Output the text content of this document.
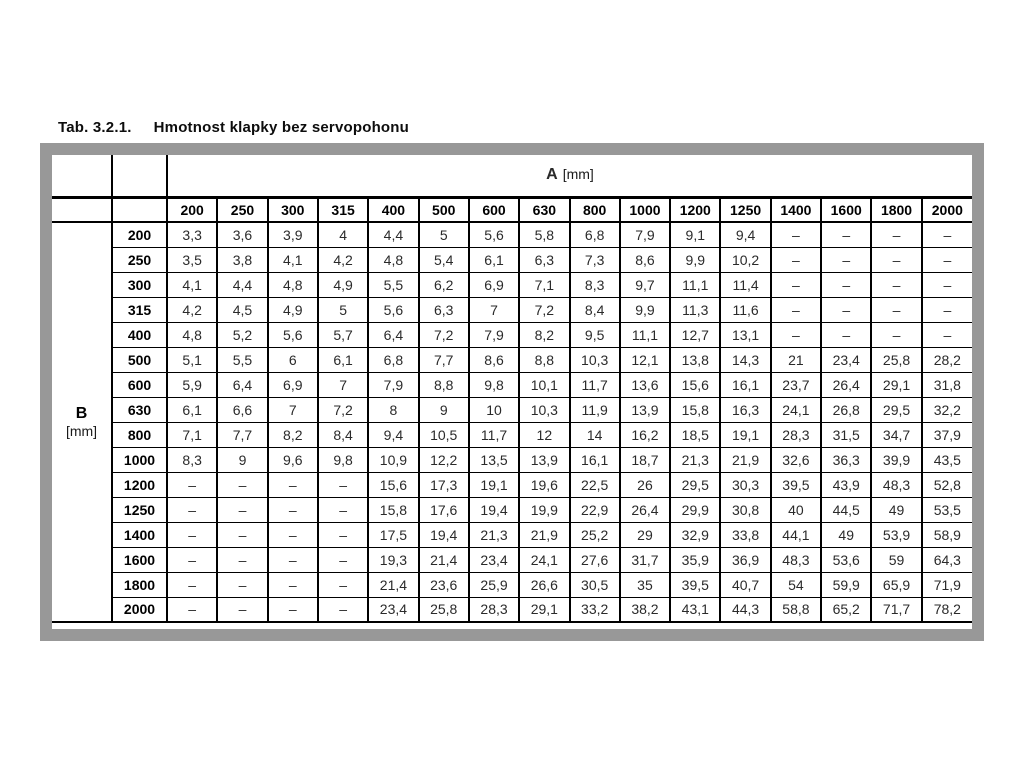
Tab. 3.2.1. Hmotnost klapky bez servopohonu
		A [mm]															
		200	250	300	315	400	500	600	630	800	1000	1200	1250	1400	1600	1800	2000

B
[mm]	200	3,3	3,6	3,9	4	4,4	5	5,6	5,8	6,8	7,9	9,1	9,4	–	–	–	–
	250	3,5	3,8	4,1	4,2	4,8	5,4	6,1	6,3	7,3	8,6	9,9	10,2	–	–	–	–
	300	4,1	4,4	4,8	4,9	5,5	6,2	6,9	7,1	8,3	9,7	11,1	11,4	–	–	–	–
	315	4,2	4,5	4,9	5	5,6	6,3	7	7,2	8,4	9,9	11,3	11,6	–	–	–	–
	400	4,8	5,2	5,6	5,7	6,4	7,2	7,9	8,2	9,5	11,1	12,7	13,1	–	–	–	–
	500	5,1	5,5	6	6,1	6,8	7,7	8,6	8,8	10,3	12,1	13,8	14,3	21	23,4	25,8	28,2
	600	5,9	6,4	6,9	7	7,9	8,8	9,8	10,1	11,7	13,6	15,6	16,1	23,7	26,4	29,1	31,8
	630	6,1	6,6	7	7,2	8	9	10	10,3	11,9	13,9	15,8	16,3	24,1	26,8	29,5	32,2
	800	7,1	7,7	8,2	8,4	9,4	10,5	11,7	12	14	16,2	18,5	19,1	28,3	31,5	34,7	37,9
	1000	8,3	9	9,6	9,8	10,9	12,2	13,5	13,9	16,1	18,7	21,3	21,9	32,6	36,3	39,9	43,5
	1200	–	–	–	–	15,6	17,3	19,1	19,6	22,5	26	29,5	30,3	39,5	43,9	48,3	52,8
	1250	–	–	–	–	15,8	17,6	19,4	19,9	22,9	26,4	29,9	30,8	40	44,5	49	53,5
	1400	–	–	–	–	17,5	19,4	21,3	21,9	25,2	29	32,9	33,8	44,1	49	53,9	58,9
	1600	–	–	–	–	19,3	21,4	23,4	24,1	27,6	31,7	35,9	36,9	48,3	53,6	59	64,3
	1800	–	–	–	–	21,4	23,6	25,9	26,6	30,5	35	39,5	40,7	54	59,9	65,9	71,9
	2000	–	–	–	–	23,4	25,8	28,3	29,1	33,2	38,2	43,1	44,3	58,8	65,2	71,7	78,2
